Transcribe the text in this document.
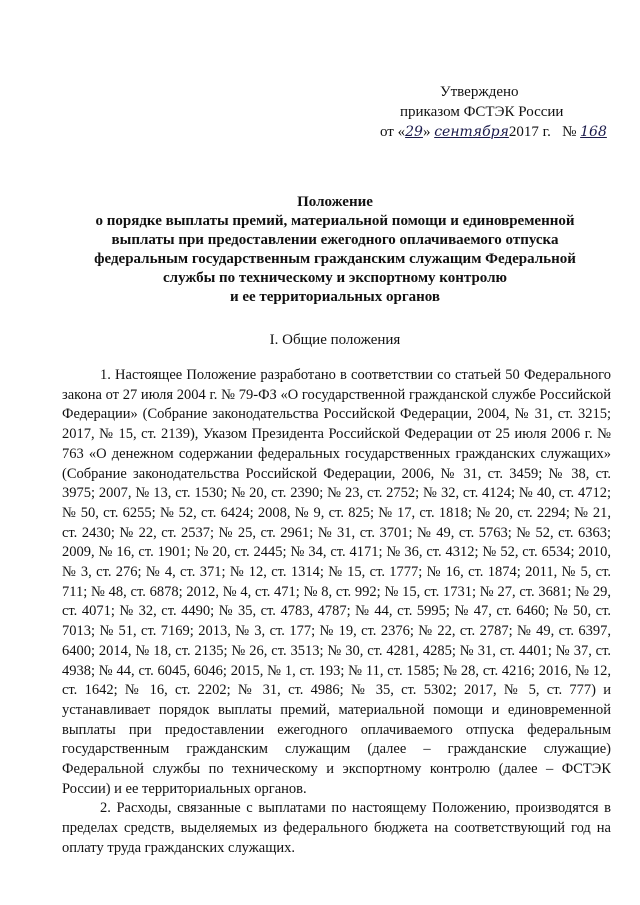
Утверждено
приказом ФСТЭК России
от «29» сентября2017 г. № 168
Положение
о порядке выплаты премий, материальной помощи и единовременной
выплаты при предоставлении ежегодного оплачиваемого отпуска
федеральным государственным гражданским служащим Федеральной
службы по техническому и экспортному контролю
и ее территориальных органов
I. Общие положения

1. Настоящее Положение разработано в соответствии со статьей 50 Федерального закона от 27 июля 2004 г. № 79-ФЗ «О государственной гражданской службе Российской Федерации» (Собрание законодательства Российской Федерации, 2004, № 31, ст. 3215; 2017, № 15, ст. 2139), Указом Президента Российской Федерации от 25 июля 2006 г. № 763 «О денежном содержании федеральных государственных гражданских служащих» (Собрание законодательства Российской Федерации, 2006, № 31, ст. 3459; № 38, ст. 3975; 2007, № 13, ст. 1530; № 20, ст. 2390; № 23, ст. 2752; № 32, ст. 4124; № 40, ст. 4712; № 50, ст. 6255; № 52, ст. 6424; 2008, № 9, ст. 825; № 17, ст. 1818; № 20, ст. 2294; № 21, ст. 2430; № 22, ст. 2537; № 25, ст. 2961; № 31, ст. 3701; № 49, ст. 5763; № 52, ст. 6363; 2009, № 16, ст. 1901; № 20, ст. 2445; № 34, ст. 4171; № 36, ст. 4312; № 52, ст. 6534; 2010, № 3, ст. 276; № 4, ст. 371; № 12, ст. 1314; № 15, ст. 1777; № 16, ст. 1874; 2011, № 5, ст. 711; № 48, ст. 6878; 2012, № 4, ст. 471; № 8, ст. 992; № 15, ст. 1731; № 27, ст. 3681; № 29, ст. 4071; № 32, ст. 4490; № 35, ст. 4783, 4787; № 44, ст. 5995; № 47, ст. 6460; № 50, ст. 7013; № 51, ст. 7169; 2013, № 3, ст. 177; № 19, ст. 2376; № 22, ст. 2787; № 49, ст. 6397, 6400; 2014, № 18, ст. 2135; № 26, ст. 3513; № 30, ст. 4281, 4285; № 31, ст. 4401; № 37, ст. 4938; № 44, ст. 6045, 6046; 2015, № 1, ст. 193; № 11, ст. 1585; № 28, ст. 4216; 2016, № 12, ст. 1642; № 16, ст. 2202; № 31, ст. 4986; № 35, ст. 5302; 2017, № 5, ст. 777) и устанавливает порядок выплаты премий, материальной помощи и единовременной выплаты при предоставлении ежегодного оплачиваемого отпуска федеральным государственным гражданским служащим (далее – гражданские служащие) Федеральной службы по техническому и экспортному контролю (далее – ФСТЭК России) и ее территориальных органов.

2. Расходы, связанные с выплатами по настоящему Положению, производятся в пределах средств, выделяемых из федерального бюджета на соответствующий год на оплату труда гражданских служащих.
